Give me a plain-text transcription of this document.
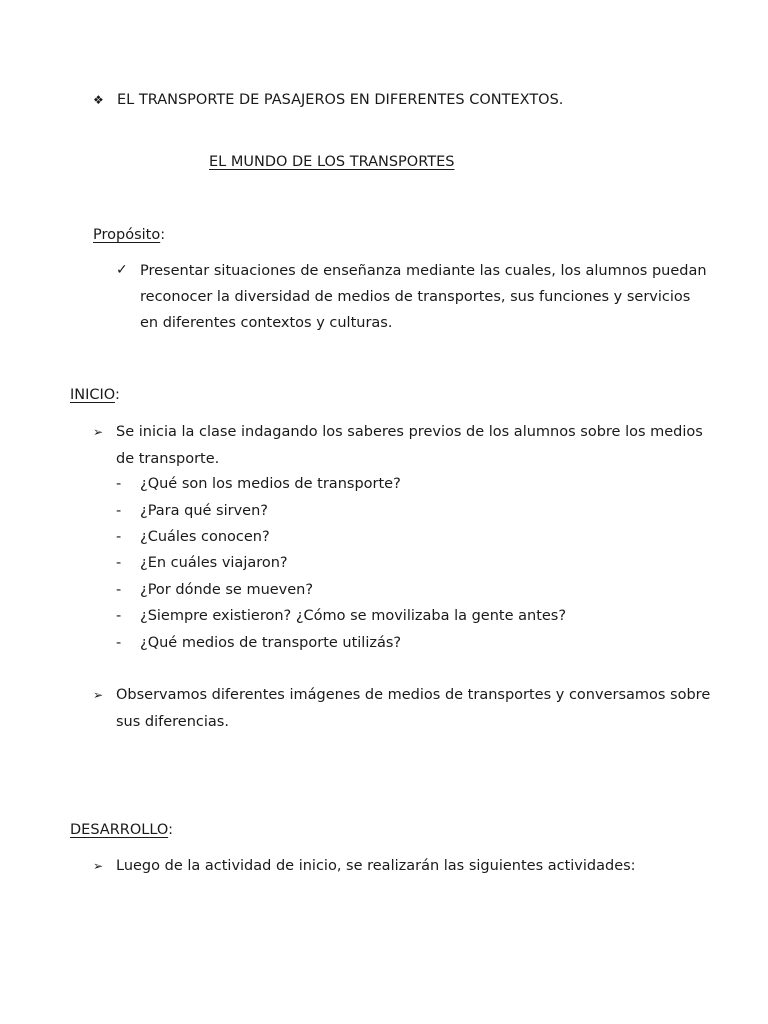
❖ EL TRANSPORTE DE PASAJEROS EN DIFERENTES CONTEXTOS.
EL MUNDO DE LOS TRANSPORTES
Propósito:
✓ Presentar situaciones de enseñanza mediante las cuales, los alumnos puedan
reconocer la diversidad de medios de transportes, sus funciones y servicios
en diferentes contextos y culturas.
INICIO:
➢ Se inicia la clase indagando los saberes previos de los alumnos sobre los medios
de transporte.
- ¿Qué son los medios de transporte?
- ¿Para qué sirven?
- ¿Cuáles conocen?
- ¿En cuáles viajaron?
- ¿Por dónde se mueven?
- ¿Siempre existieron? ¿Cómo se movilizaba la gente antes?
- ¿Qué medios de transporte utilizás?
➢ Observamos diferentes imágenes de medios de transportes y conversamos sobre
sus diferencias.
DESARROLLO:
➢ Luego de la actividad de inicio, se realizarán las siguientes actividades:
